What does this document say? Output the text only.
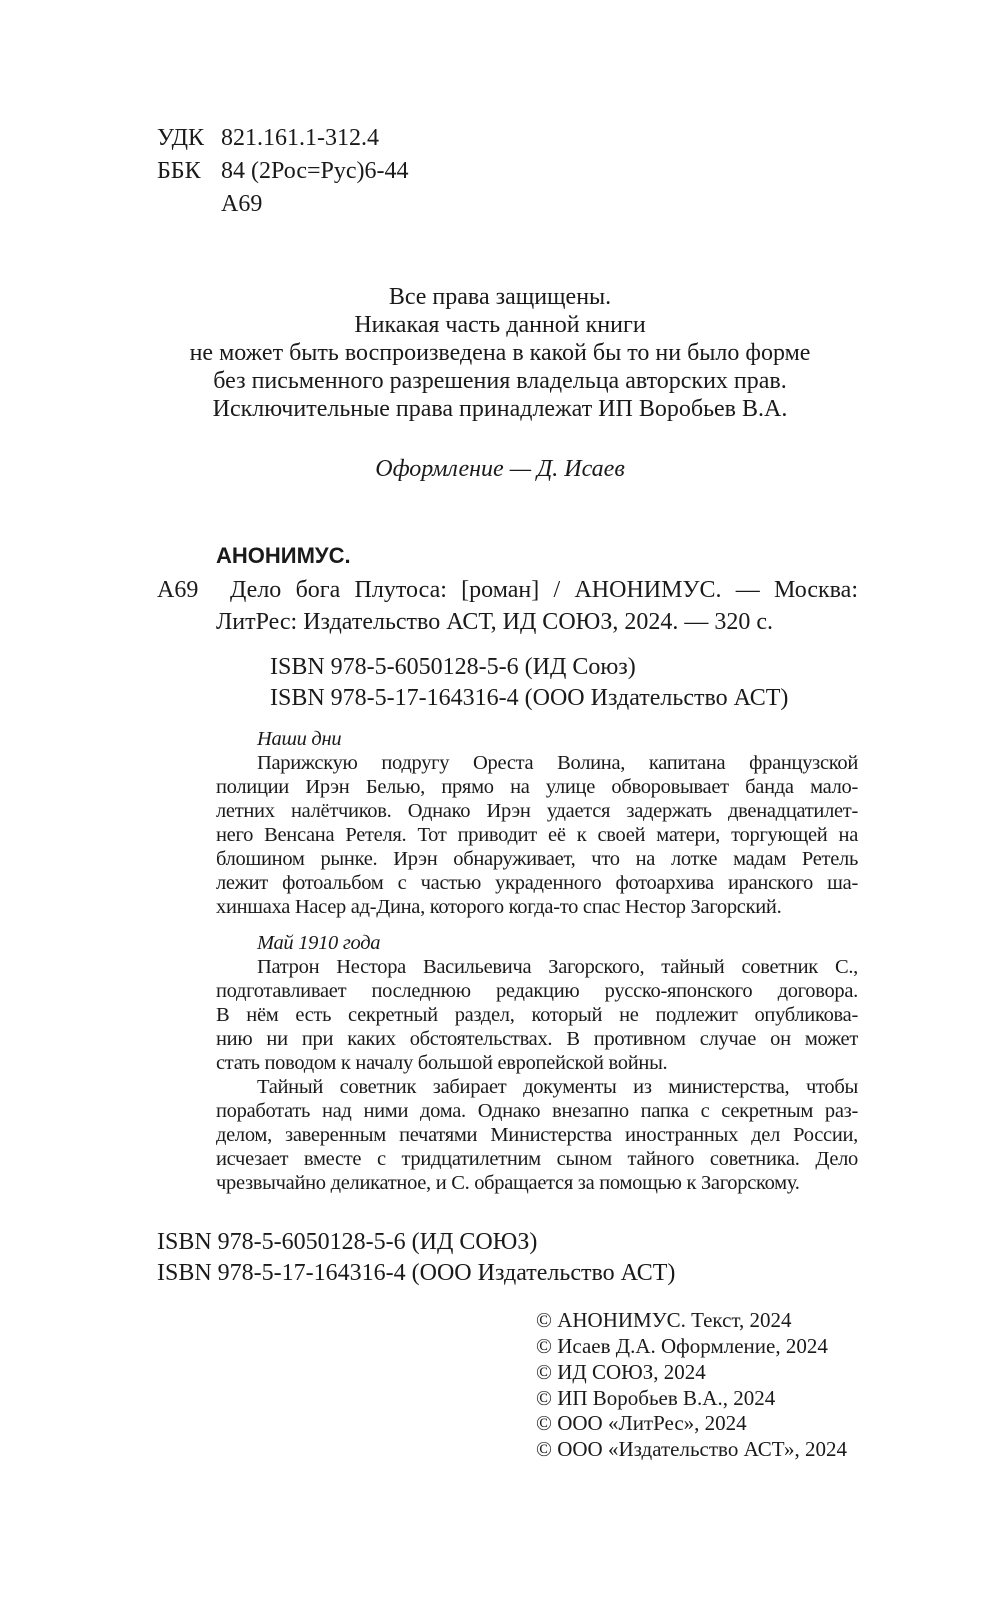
УДК 821.161.1-312.4
ББК 84 (2Рос=Рус)6-44
А69
Все права защищены.
Никакая часть данной книги
не может быть воспроизведена в какой бы то ни было форме
без письменного разрешения владельца авторских прав.
Исключительные права принадлежат ИП Воробьев В.А.
Оформление — Д. Исаев
АНОНИМУС.
А69 Дело бога Плутоса: [роман] / АНОНИМУС. — Москва:
ЛитРес: Издательство АСТ, ИД СОЮЗ, 2024. — 320 с.
ISBN 978-5-6050128-5-6 (ИД Союз)
ISBN 978-5-17-164316-4 (ООО Издательство АСТ)
Наши дни
Парижскую подругу Ореста Волина, капитана французской
полиции Ирэн Белью, прямо на улице обворовывает банда мало-
летних налётчиков. Однако Ирэн удается задержать двенадцатилет-
него Венсана Ретеля. Тот приводит её к своей матери, торгующей на
блошином рынке. Ирэн обнаруживает, что на лотке мадам Ретель
лежит фотоальбом с частью украденного фотоархива иранского ша-
хиншаха Насер ад-Дина, которого когда-то спас Нестор Загорский.
Май 1910 года
Патрон Нестора Васильевича Загорского, тайный советник С.,
подготавливает последнюю редакцию русско-японского договора.
В нём есть секретный раздел, который не подлежит опубликова-
нию ни при каких обстоятельствах. В противном случае он может
стать поводом к началу большой европейской войны.
Тайный советник забирает документы из министерства, чтобы
поработать над ними дома. Однако внезапно папка с секретным раз-
делом, заверенным печатями Министерства иностранных дел России,
исчезает вместе с тридцатилетним сыном тайного советника. Дело
чрезвычайно деликатное, и С. обращается за помощью к Загорскому.
ISBN 978-5-6050128-5-6 (ИД СОЮЗ)
ISBN 978-5-17-164316-4 (ООО Издательство АСТ)
© АНОНИМУС. Текст, 2024
© Исаев Д.А. Оформление, 2024
© ИД СОЮЗ, 2024
© ИП Воробьев В.А., 2024
© ООО «ЛитРес», 2024
© ООО «Издательство АСТ», 2024
